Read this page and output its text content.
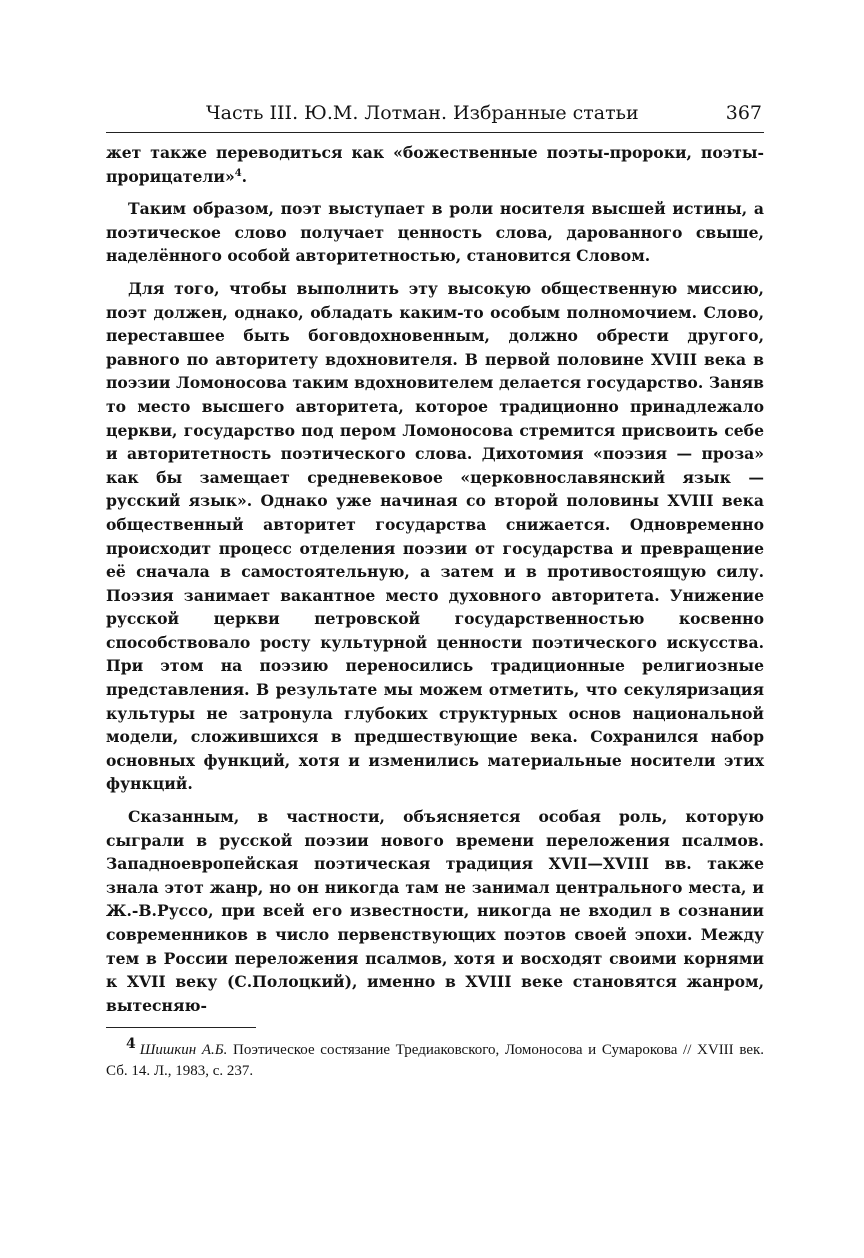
Часть III. Ю.М. Лотман. Избранные статьи	367

жет также переводиться как «божественные поэты-пророки, поэты-прорицатели»$^4$.

Таким образом, поэт выступает в роли носителя высшей истины, а поэтическое слово получает ценность слова, дарованного свыше, наделённого особой авторитетностью, становится Словом.

Для того, чтобы выполнить эту высокую общественную миссию, поэт должен, однако, обладать каким-то особым полномочием. Слово, переставшее быть боговдохновенным, должно обрести другого, равного по авторитету вдохновителя. В первой половине XVIII века в поэзии Ломоносова таким вдохновителем делается государство. Заняв то место высшего авторитета, которое традиционно принадлежало церкви, государство под пером Ломоносова стремится присвоить себе и авторитетность поэтического слова. Дихотомия «поэзия — проза» как бы замещает средневековое «церковнославянский язык — русский язык». Однако уже начиная со второй половины XVIII века общественный авторитет государства снижается. Одновременно происходит процесс отделения поэзии от государства и превращение её сначала в самостоятельную, а затем и в противостоящую силу. Поэзия занимает вакантное место духовного авторитета. Унижение русской церкви петровской государственностью косвенно способствовало росту культурной ценности поэтического искусства. При этом на поэзию переносились традиционные религиозные представления. В результате мы можем отметить, что секуляризация культуры не затронула глубоких структурных основ национальной модели, сложившихся в предшествующие века. Сохранился набор основных функций, хотя и изменились материальные носители этих функций.

Сказанным, в частности, объясняется особая роль, которую сыграли в русской поэзии нового времени переложения псалмов. Западноевропейская поэтическая традиция XVII—XVIII вв. также знала этот жанр, но он никогда там не занимал центрального места, и Ж.-В.Руссо, при всей его известности, никогда не входил в сознании современников в число первенствующих поэтов своей эпохи. Между тем в России переложения псалмов, хотя и восходят своими корнями к XVII веку (С.Полоцкий), именно в XVIII веке становятся жанром, вытесняю-

4 Шишкин А.Б. Поэтическое состязание Тредиаковского, Ломоносова и Сумарокова // XVIII век. Сб. 14. Л., 1983, с. 237.
